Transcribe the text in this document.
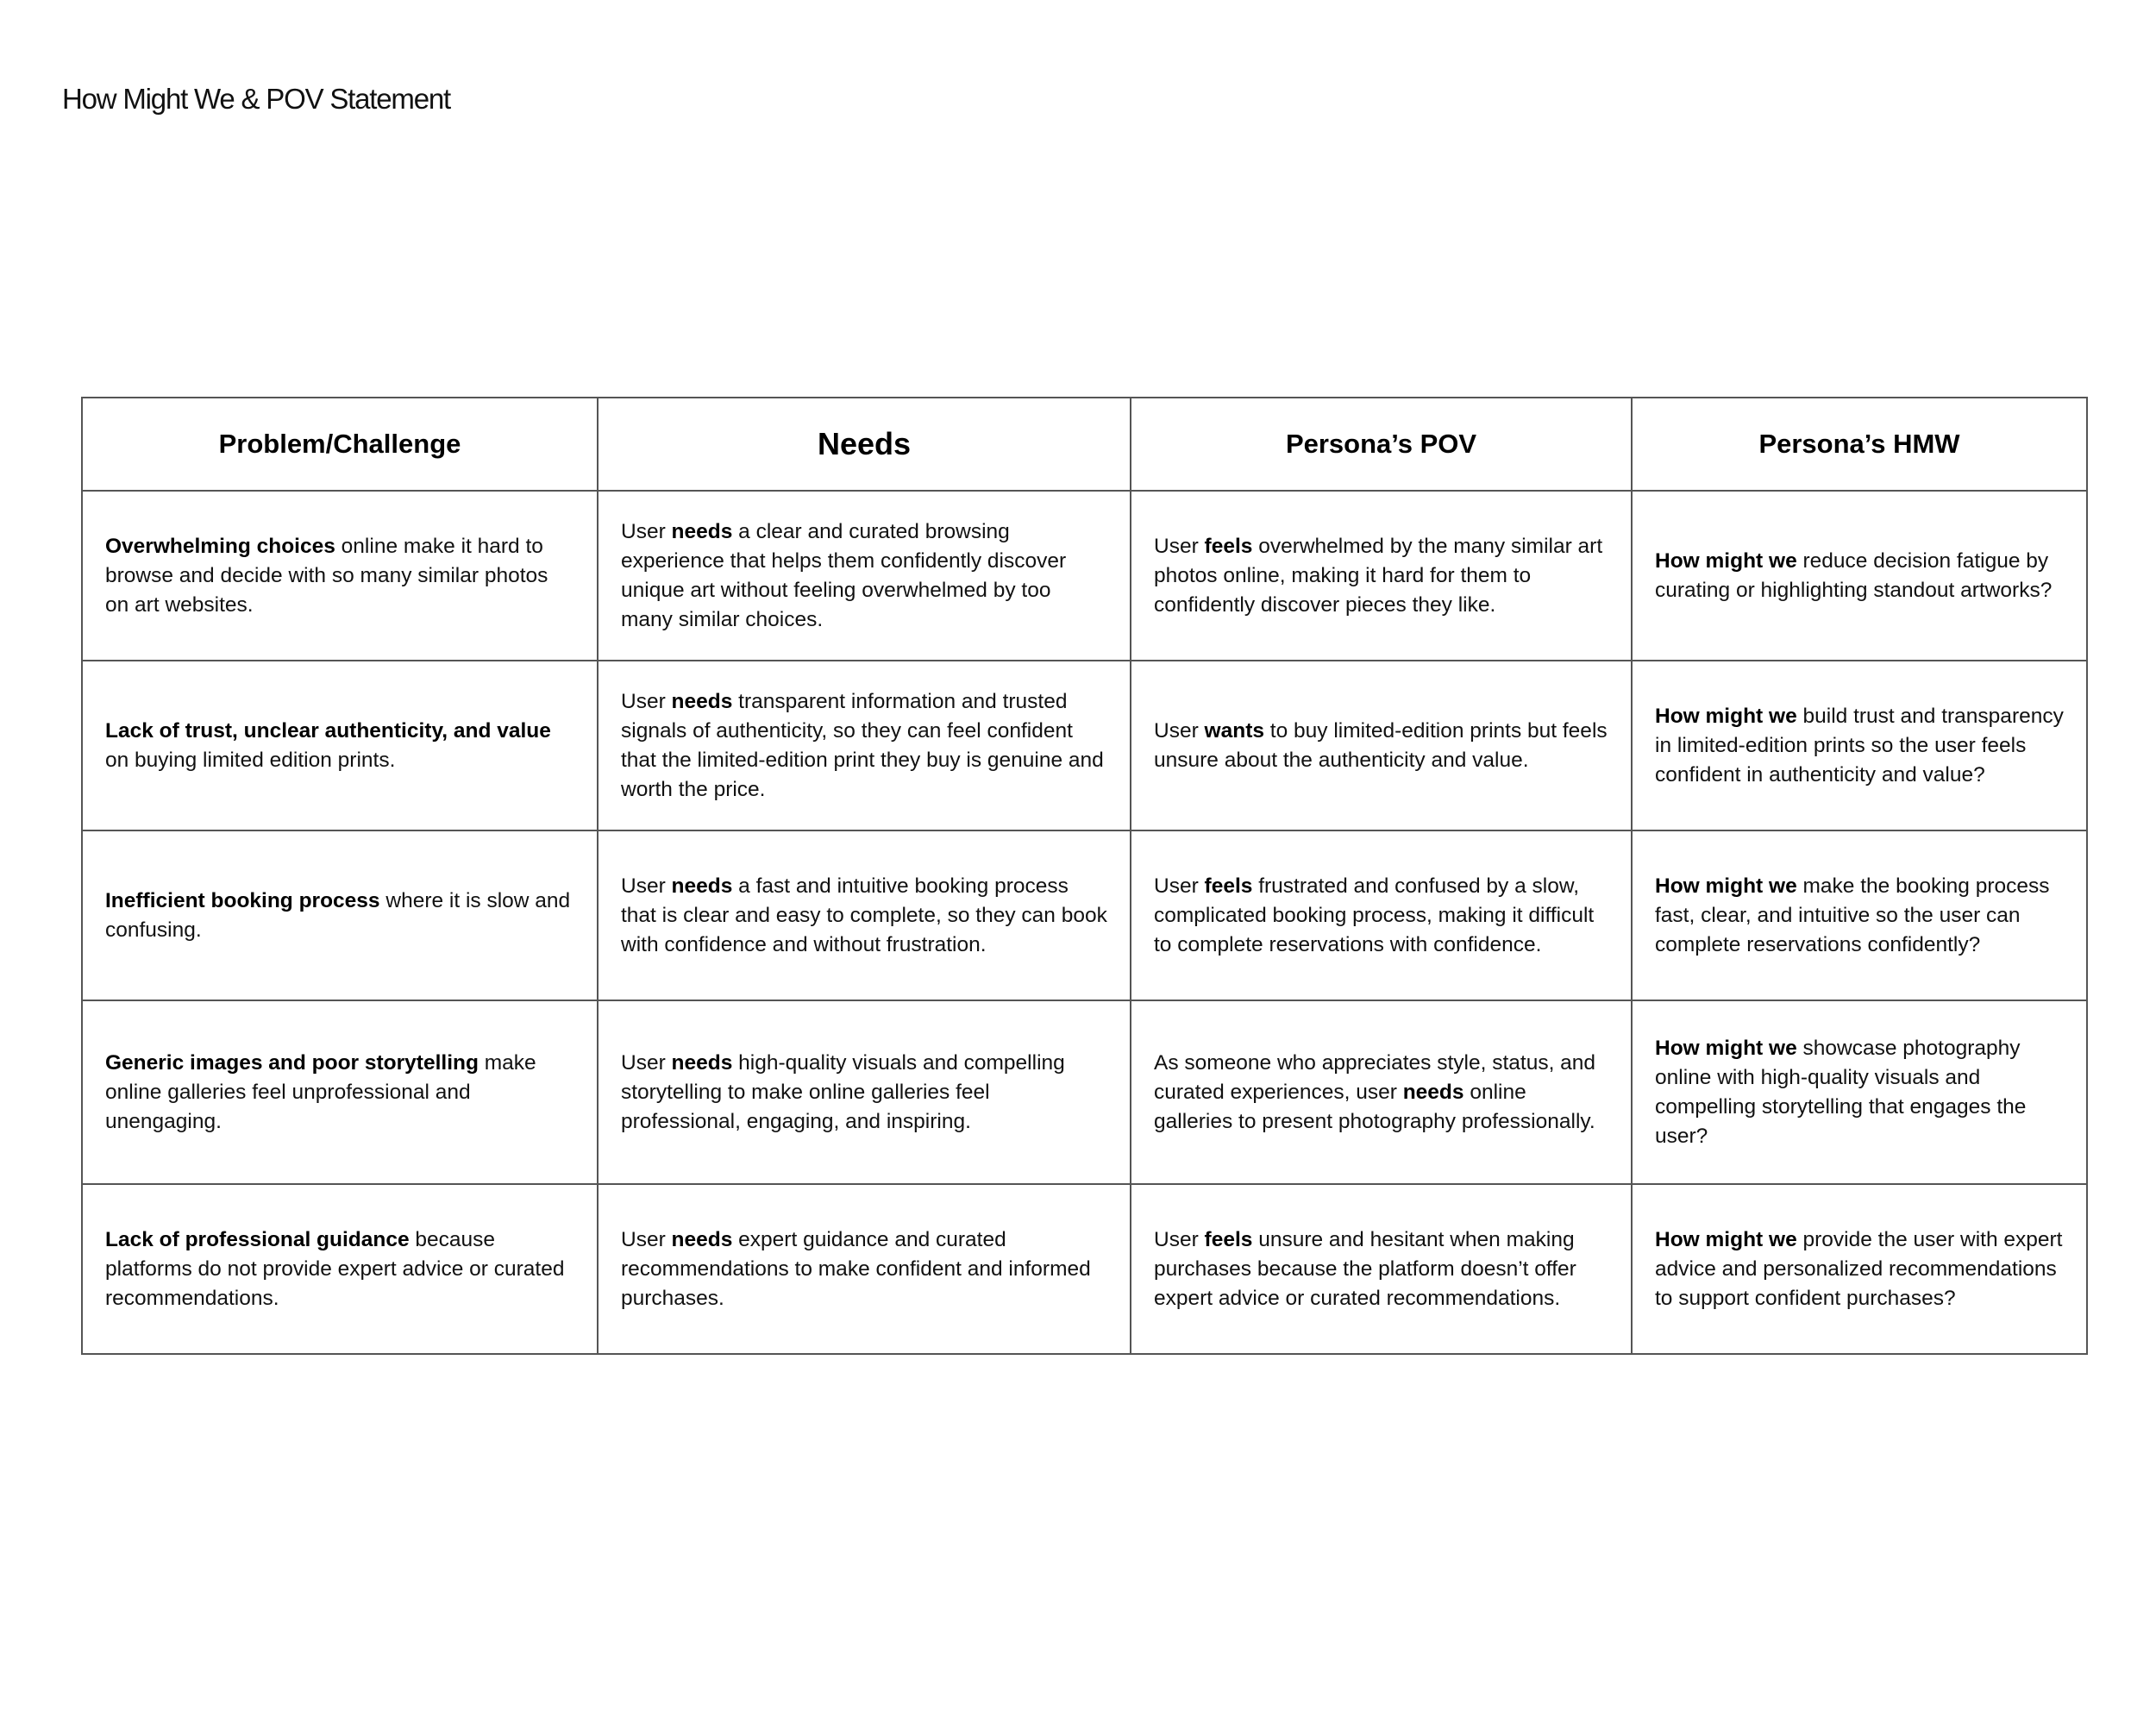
How Might We & POV Statement
Problem/Challenge	Needs	Persona’s POV	Persona’s HMW
Overwhelming choices online make it hard to browse and decide with so many similar photos on art websites.	User needs a clear and curated browsing experience that helps them confidently discover unique art without feeling overwhelmed by too many similar choices.	User feels overwhelmed by the many similar art photos online, making it hard for them to confidently discover pieces they like.	How might we reduce decision fatigue by curating or highlighting standout artworks?
Lack of trust, unclear authenticity, and value on buying limited edition prints.	User needs transparent information and trusted signals of authenticity, so they can feel confident that the limited-edition print they buy is genuine and worth the price.	User wants to buy limited-edition prints but feels unsure about the authenticity and value.	How might we build trust and transparency in limited-edition prints so the user feels confident in authenticity and value?
Inefficient booking process where it is slow and confusing.	User needs a fast and intuitive booking process that is clear and easy to complete, so they can book with confidence and without frustration.	User feels frustrated and confused by a slow, complicated booking process, making it difficult to complete reservations with confidence.	How might we make the booking process fast, clear, and intuitive so the user can complete reservations confidently?
Generic images and poor storytelling make online galleries feel unprofessional and unengaging.	User needs high-quality visuals and compelling storytelling to make online galleries feel professional, engaging, and inspiring.	As someone who appreciates style, status, and curated experiences, user needs online galleries to present photography professionally.	How might we showcase photography online with high-quality visuals and compelling storytelling that engages the user?
Lack of professional guidance because platforms do not provide expert advice or curated recommendations.	User needs expert guidance and curated recommendations to make confident and informed purchases.	User feels unsure and hesitant when making purchases because the platform doesn’t offer expert advice or curated recommendations.	How might we provide the user with expert advice and personalized recommendations to support confident purchases?
